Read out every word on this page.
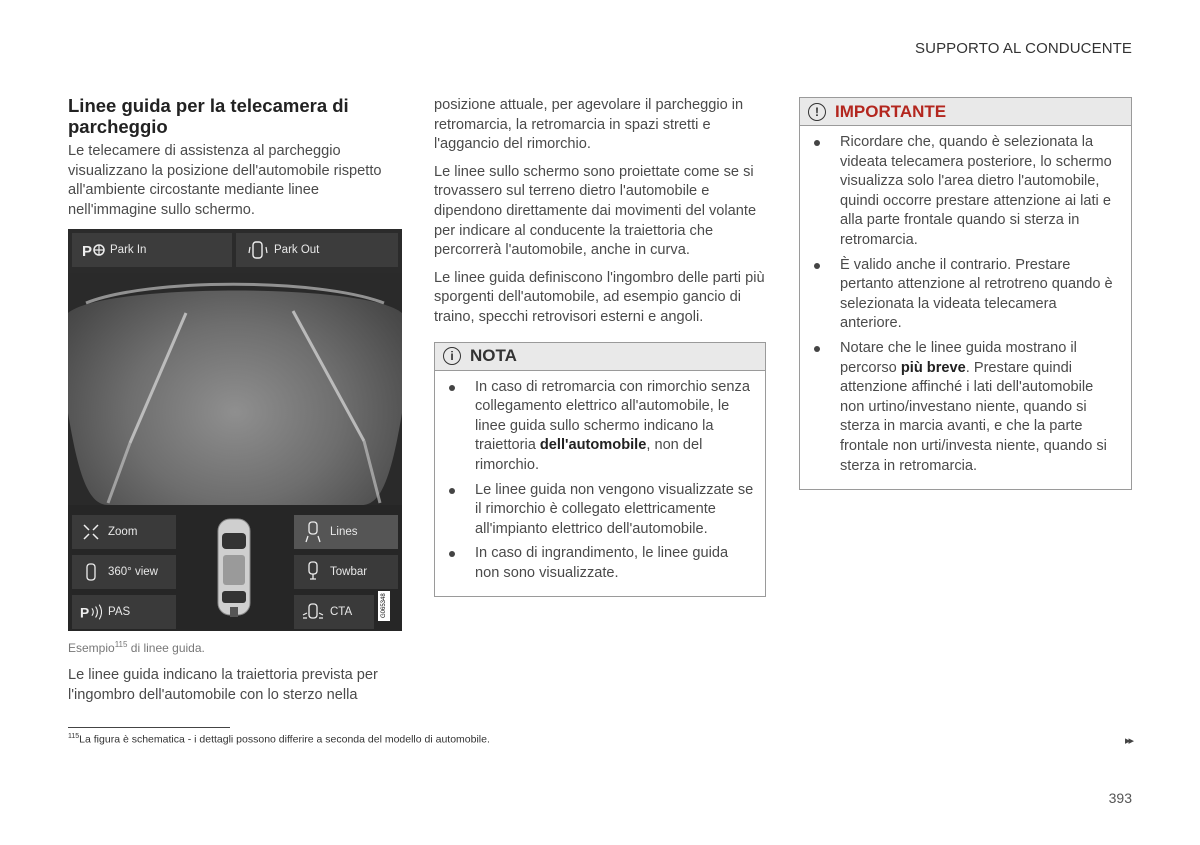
SUPPORTO AL CONDUCENTE
Linee guida per la telecamera di parcheggio

Le telecamere di assistenza al parcheggio visualizzano la posizione dell'automobile rispetto all'ambiente circostante mediante linee nell'immagine sullo schermo.

P Park In	Park Out
Zoom
360° view
P PAS
Lines
Towbar
CTA	G065348
Esempio$^{115}$ di linee guida.

Le linee guida indicano la traiettoria prevista per l'ingombro dell'automobile con lo sterzo nella

posizione attuale, per agevolare il parcheggio in retromarcia, la retromarcia in spazi stretti e l'aggancio del rimorchio.

Le linee sullo schermo sono proiettate come se si trovassero sul terreno dietro l'automobile e dipendono direttamente dai movimenti del volante per indicare al conducente la traiettoria che percorrerà l'automobile, anche in curva.

Le linee guida definiscono l'ingombro delle parti più sporgenti dell'automobile, ad esempio gancio di traino, specchi retrovisori esterni e angoli.

i NOTA
In caso di retromarcia con rimorchio senza collegamento elettrico all'automobile, le linee guida sullo schermo indicano la traiettoria dell'automobile, non del rimorchio.
Le linee guida non vengono visualizzate se il rimorchio è collegato elettricamente all'impianto elettrico dell'automobile.
In caso di ingrandimento, le linee guida non sono visualizzate.
! IMPORTANTE
Ricordare che, quando è selezionata la videata telecamera posteriore, lo schermo visualizza solo l'area dietro l'automobile, quindi occorre prestare attenzione ai lati e alla parte frontale quando si sterza in retromarcia.
È valido anche il contrario. Prestare pertanto attenzione al retrotreno quando è selezionata la videata telecamera anteriore.
Notare che le linee guida mostrano il percorso più breve. Prestare quindi attenzione affinché i lati dell'automobile non urtino/investano niente, quando si sterza in marcia avanti, e che la parte frontale non urti/investa niente, quando si sterza in retromarcia.
$^{115}$La figura è schematica - i dettagli possono differire a seconda del modello di automobile.	▸▸
393
